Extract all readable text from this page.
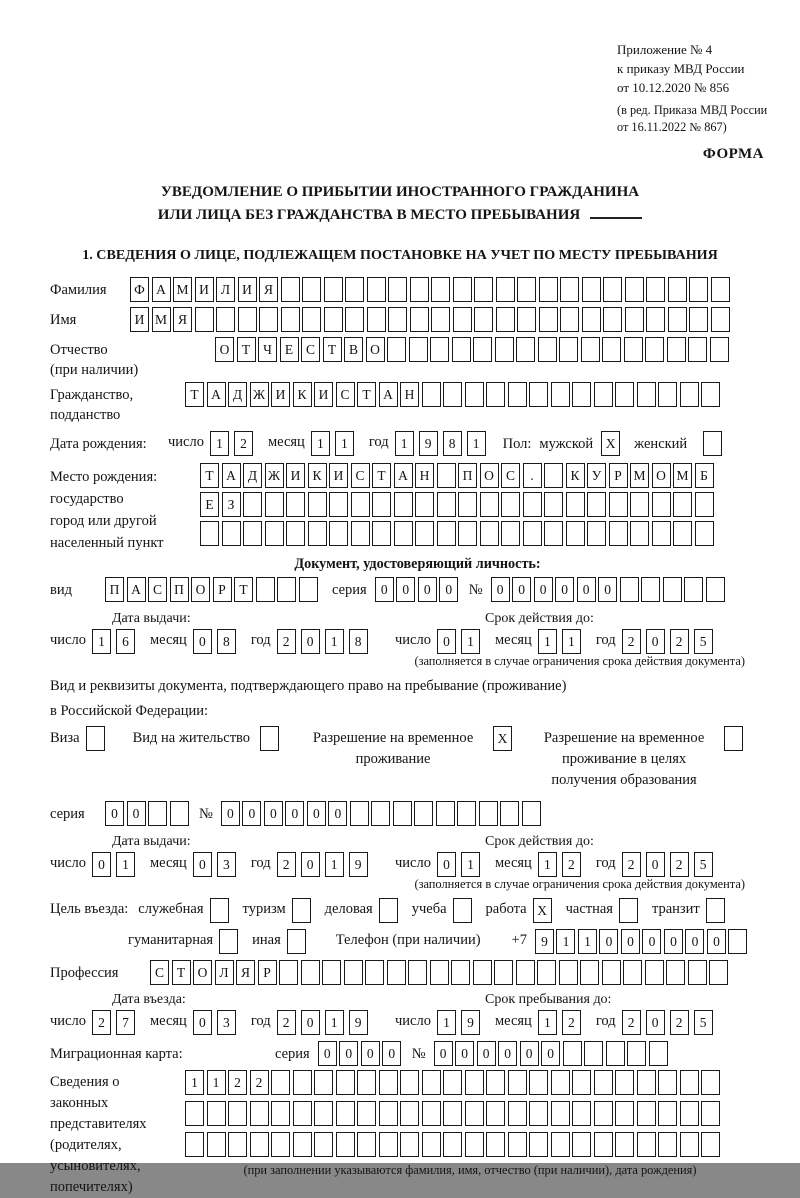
Приложение № 4
к приказу МВД России
от 10.12.2020 № 856
(в ред. Приказа МВД России
от 16.11.2022 № 867)
ФОРМА
УВЕДОМЛЕНИЕ О ПРИБЫТИИ ИНОСТРАННОГО ГРАЖДАНИНА
ИЛИ ЛИЦА БЕЗ ГРАЖДАНСТВА В МЕСТО ПРЕБЫВАНИЯ
1. СВЕДЕНИЯ О ЛИЦЕ, ПОДЛЕЖАЩЕМ ПОСТАНОВКЕ НА УЧЕТ ПО МЕСТУ ПРЕБЫВАНИЯ
Фамилия	Ф А М И Л И Я
Имя	И М Я
Отчество
(при наличии)
О Т Ч Е С Т В О
Гражданство,
подданство
Т А Д Ж И К И С Т А Н
Дата рождения:	число 1	2	месяц 1	1	год 1	9	8	1	Пол: мужской X	женский
Место рождения:
государство
город или другой
населенный пункт
Т А Д Ж И К И С Т А Н	П О С	.	К У Р М О М Б
Е	З
Документ, удостоверяющий личность:
вид	П А С П О Р	Т	серия	0	0	0	0	№	0	0	0	0	0	0
Дата выдачи:
число 1	6	месяц 0	8	год 2	0	1	8
Срок действия до:
число 0	1	месяц 1	1	год 2	0	2	5
(заполняется в случае ограничения срока действия документа)
Вид и реквизиты документа, подтверждающего право на пребывание (проживание)
в Российской Федерации:
Виза	Вид на жительство	Разрешение на временное
проживание
X	Разрешение на временное
проживание в целях
получения образования
серия	0	0	№	0	0	0	0	0	0
Дата выдачи:
число 0	1	месяц 0	3	год 2	0	1	9
Срок действия до:
число 0	1	месяц 1	2	год 2	0	2	5
(заполняется в случае ограничения срока действия документа)
Цель въезда: служебная	туризм	деловая	учеба	работа X	частная	транзит
гуманитарная	иная	Телефон (при наличии) +7	9	1	1	0	0	0	0	0	0
Профессия	С Т О Л Я Р
Дата въезда:
число 2	7	месяц 0	3	год 2	0	1	9
Срок пребывания до:
число 1	9	месяц 1	2	год 2	0	2	5
Миграционная карта:	серия	0	0	0	0	№	0	0	0	0	0	0
Сведения о
законных
представителях
(родителях,
усыновителях,
попечителях)
1	1	2	2
(при заполнении указываются фамилия, имя, отчество (при наличии), дата рождения)
